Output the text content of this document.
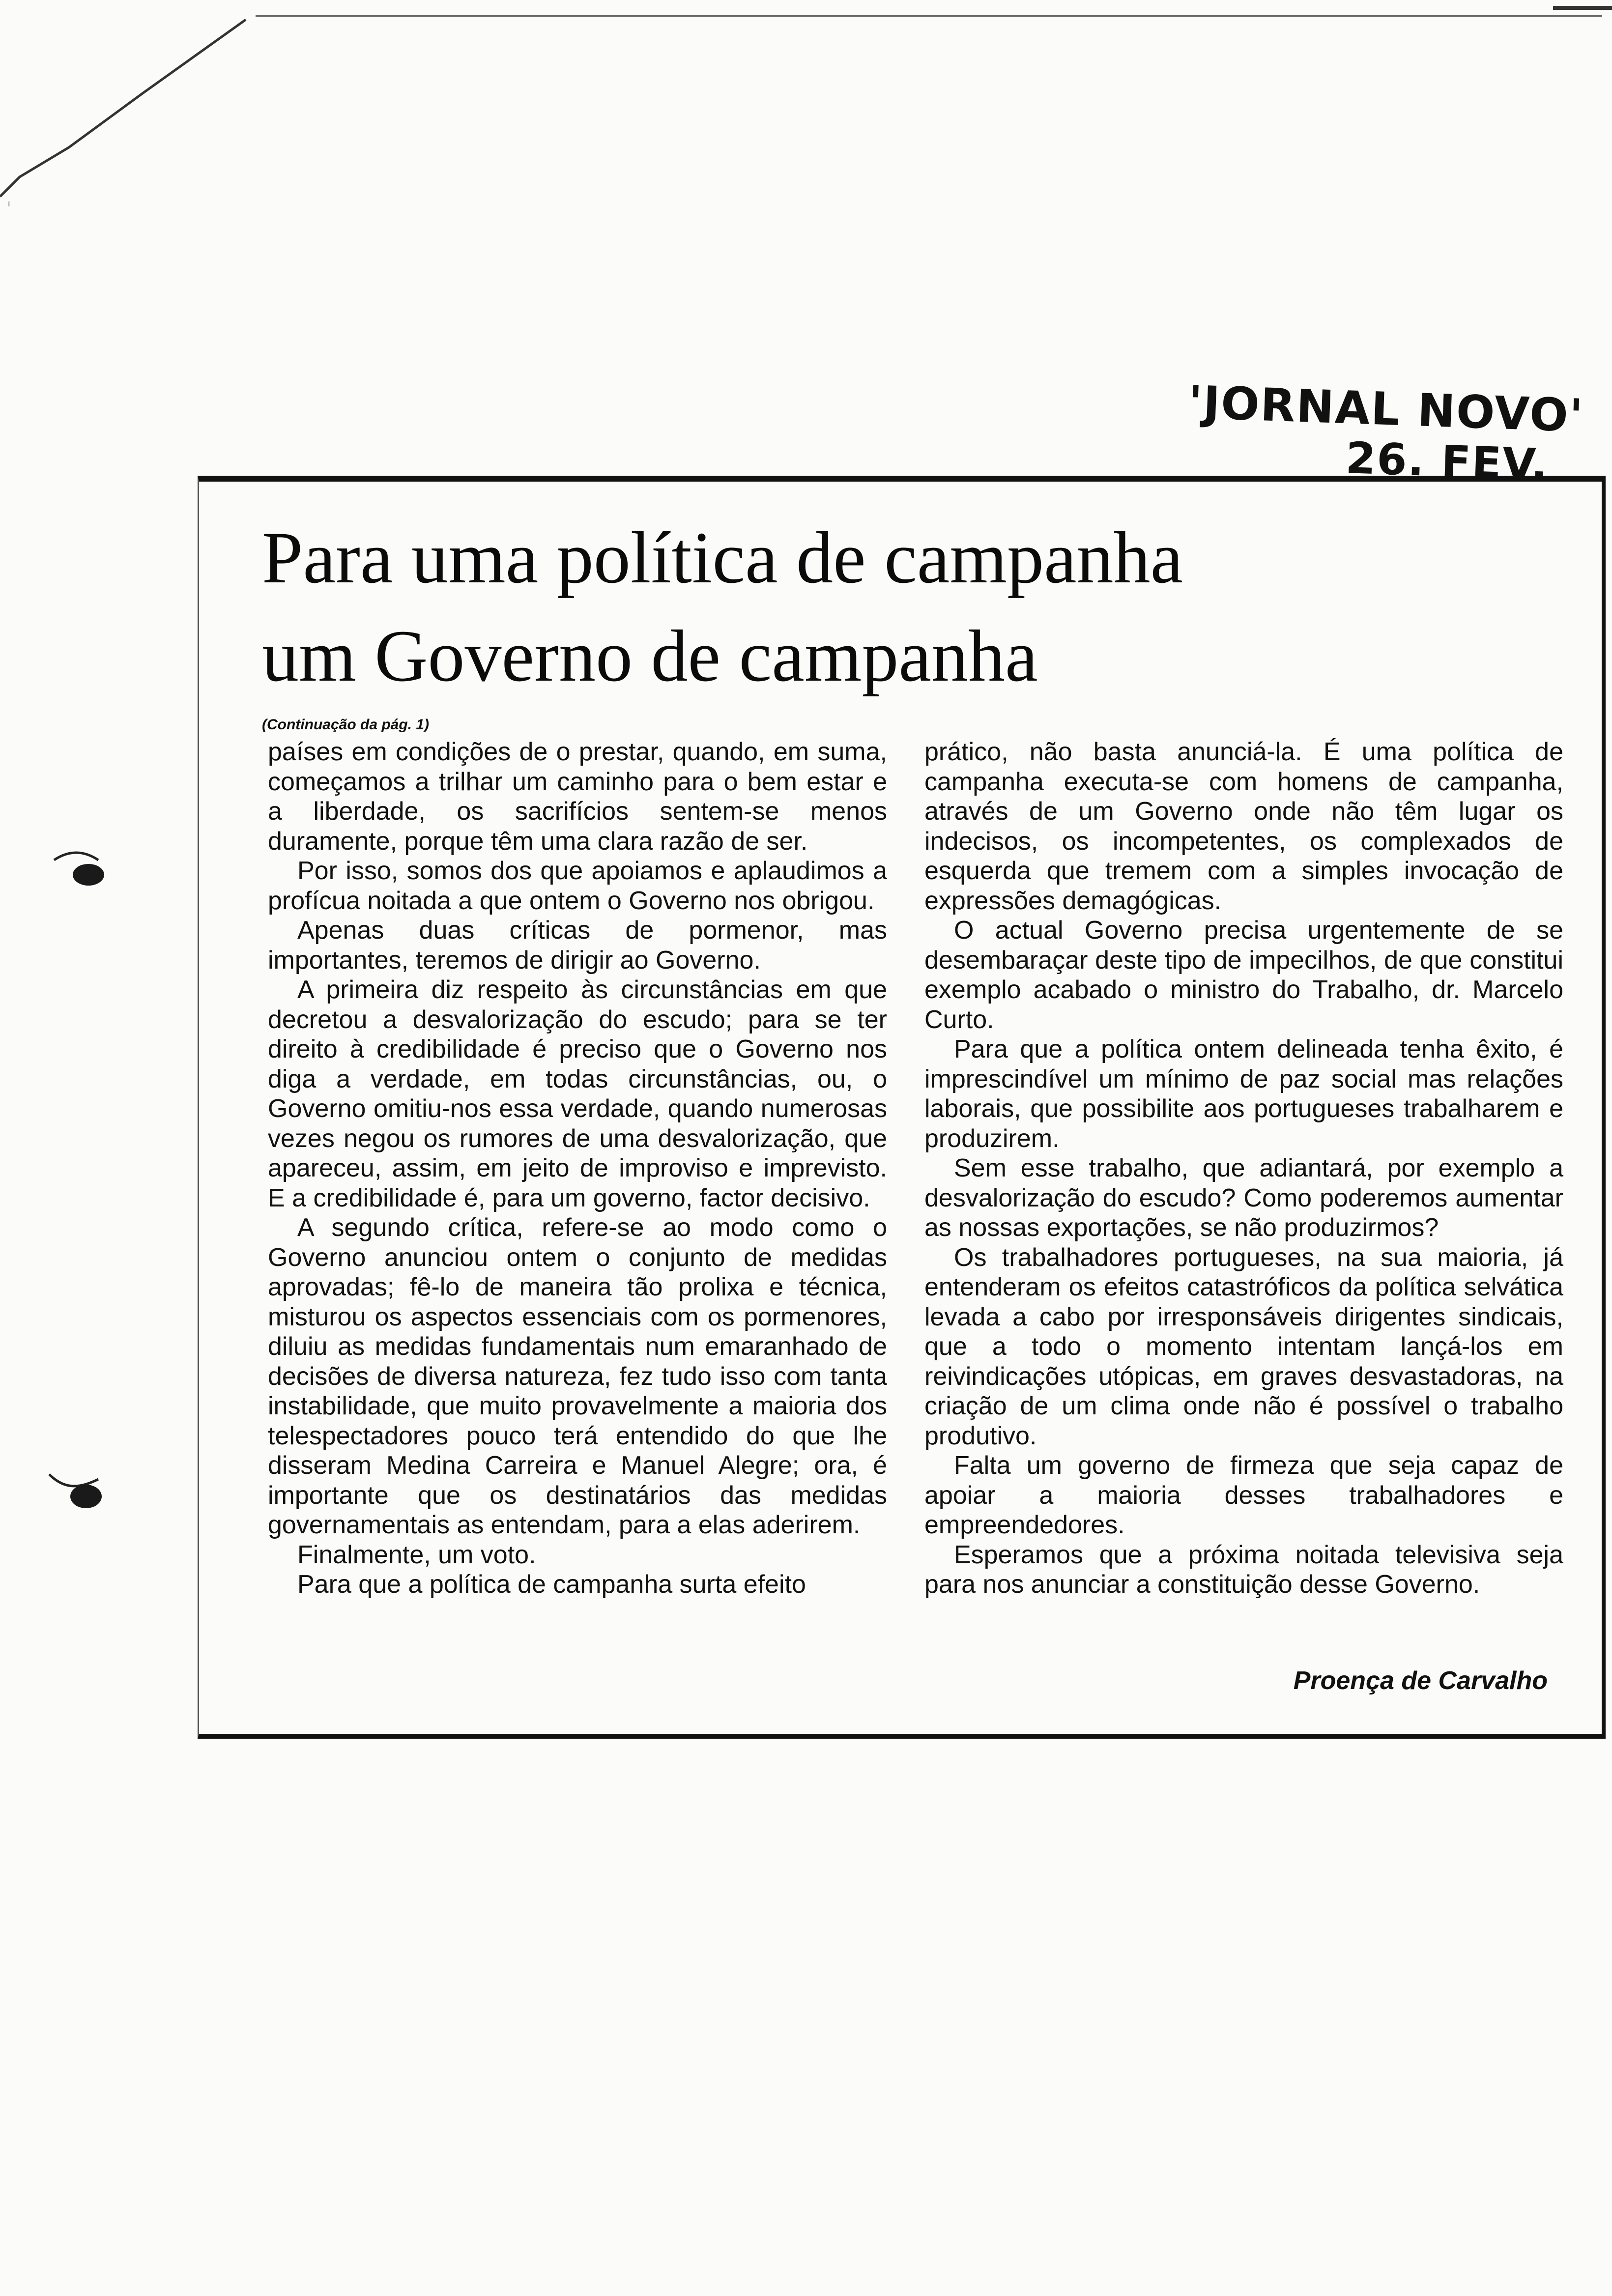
'JORNAL NOVO'
26. FEV.
Para uma política de campanha
um Governo de campanha
(Continuação da pág. 1)

países em condições de o prestar, quando, em suma, começamos a trilhar um caminho para o bem estar e a liberdade, os sacrifícios sentem-se menos duramente, porque têm uma clara razão de ser.

Por isso, somos dos que apoiamos e aplaudimos a profícua noitada a que ontem o Governo nos obrigou.

Apenas duas críticas de pormenor, mas importantes, teremos de dirigir ao Governo.

A primeira diz respeito às circunstâncias em que decretou a desvalorização do escudo; para se ter direito à credibilidade é preciso que o Governo nos diga a verdade, em todas circunstâncias, ou, o Governo omitiu-nos essa verdade, quando numerosas vezes negou os rumores de uma desvalorização, que apareceu, assim, em jeito de improviso e imprevisto. E a credibilidade é, para um governo, factor decisivo.

A segundo crítica, refere-se ao modo como o Governo anunciou ontem o conjunto de medidas aprovadas; fê-lo de maneira tão prolixa e técnica, misturou os aspectos essenciais com os pormenores, diluiu as medidas fundamentais num emaranhado de decisões de diversa natureza, fez tudo isso com tanta instabilidade, que muito provavelmente a maioria dos telespectadores pouco terá entendido do que lhe disseram Medina Carreira e Manuel Alegre; ora, é importante que os destinatários das medidas governamentais as entendam, para a elas aderirem.

Finalmente, um voto.

Para que a política de campanha surta efeito

prático, não basta anunciá-la. É uma política de campanha executa-se com homens de campanha, através de um Governo onde não têm lugar os indecisos, os incompetentes, os complexados de esquerda que tremem com a simples invocação de expressões demagógicas.

O actual Governo precisa urgentemente de se desembaraçar deste tipo de impecilhos, de que constitui exemplo acabado o ministro do Trabalho, dr. Marcelo Curto.

Para que a política ontem delineada tenha êxito, é imprescindível um mínimo de paz social mas relações laborais, que possibilite aos portugueses trabalharem e produzirem.

Sem esse trabalho, que adiantará, por exemplo a desvalorização do escudo? Como poderemos aumentar as nossas exportações, se não produzirmos?

Os trabalhadores portugueses, na sua maioria, já entenderam os efeitos catastróficos da política selvática levada a cabo por irresponsáveis dirigentes sindicais, que a todo o momento intentam lançá-los em reivindicações utópicas, em graves desvastadoras, na criação de um clima onde não é possível o trabalho produtivo.

Falta um governo de firmeza que seja capaz de apoiar a maioria desses trabalhadores e empreendedores.

Esperamos que a próxima noitada televisiva seja para nos anunciar a constituição desse Governo.

Proença de Carvalho
